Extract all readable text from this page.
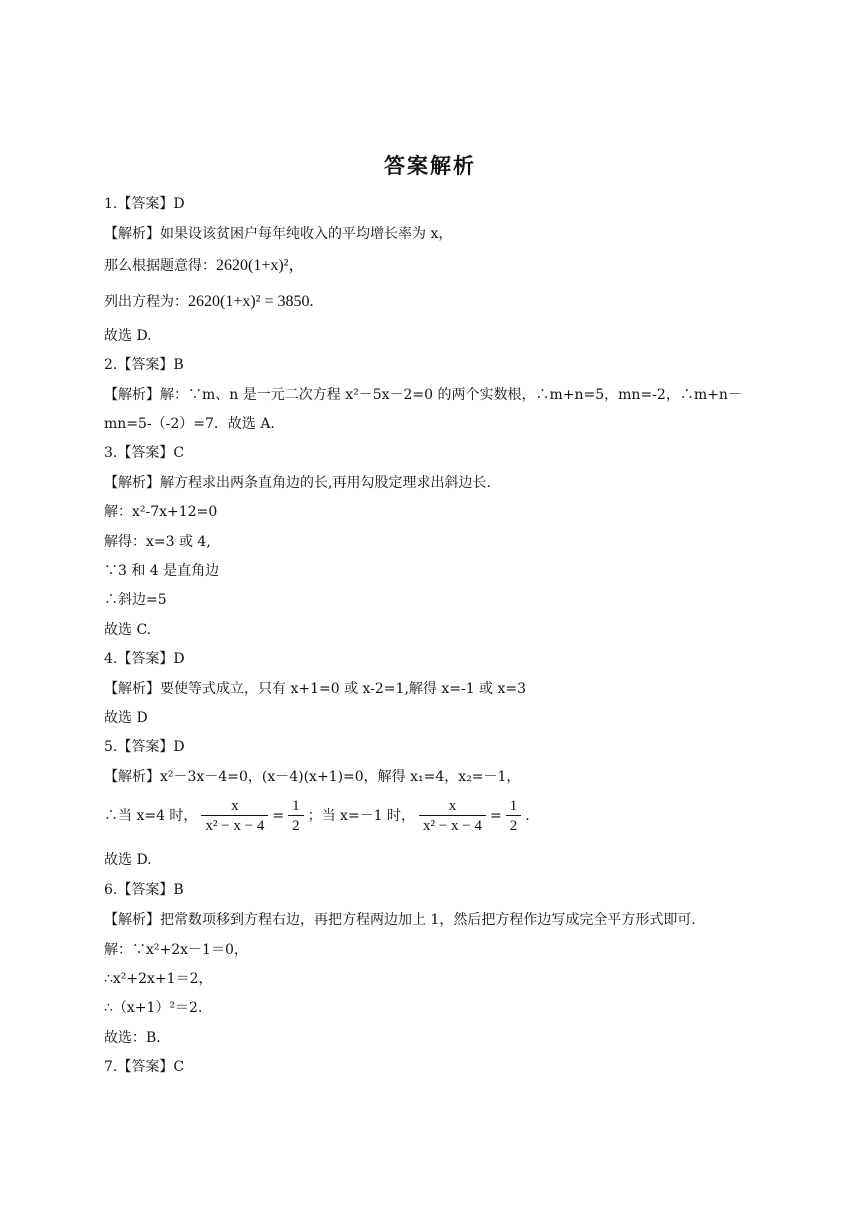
答案解析
1.【答案】D
【解析】如果设该贫困户每年纯收入的平均增长率为 x，
那么根据题意得：2620(1+x)²，
列出方程为：2620(1+x)² = 3850.
故选 D.
2.【答案】B
【解析】解：∵m、n 是一元二次方程 x²－5x－2=0 的两个实数根，∴m+n=5，mn=-2，∴m+n－
mn=5-（-2）=7．故选 A．
3.【答案】C
【解析】解方程求出两条直角边的长,再用勾股定理求出斜边长.
解：x²-7x+12=0
解得：x=3 或 4,
∵3 和 4 是直角边
∴斜边=5
故选 C.
4.【答案】D
【解析】要使等式成立，只有 x+1=0 或 x-2=1,解得 x=-1 或 x=3
故选 D
5.【答案】D
【解析】x²－3x－4=0，(x－4)(x+1)=0，解得 x₁=4，x₂=－1，
∴当 x=4 时， $\frac{x}{\text{x² − x − 4}} = \frac{1}{2}$ ；当 x=－1 时， $\frac{x}{\text{x² − x − 4}} = \frac{1}{2}$ .
故选 D.
6.【答案】B
【解析】把常数项移到方程右边，再把方程两边加上 1，然后把方程作边写成完全平方形式即可.
解：∵x²+2x－1＝0，
∴x²+2x+1＝2，
∴（x+1）²＝2．
故选：B．
7.【答案】C
